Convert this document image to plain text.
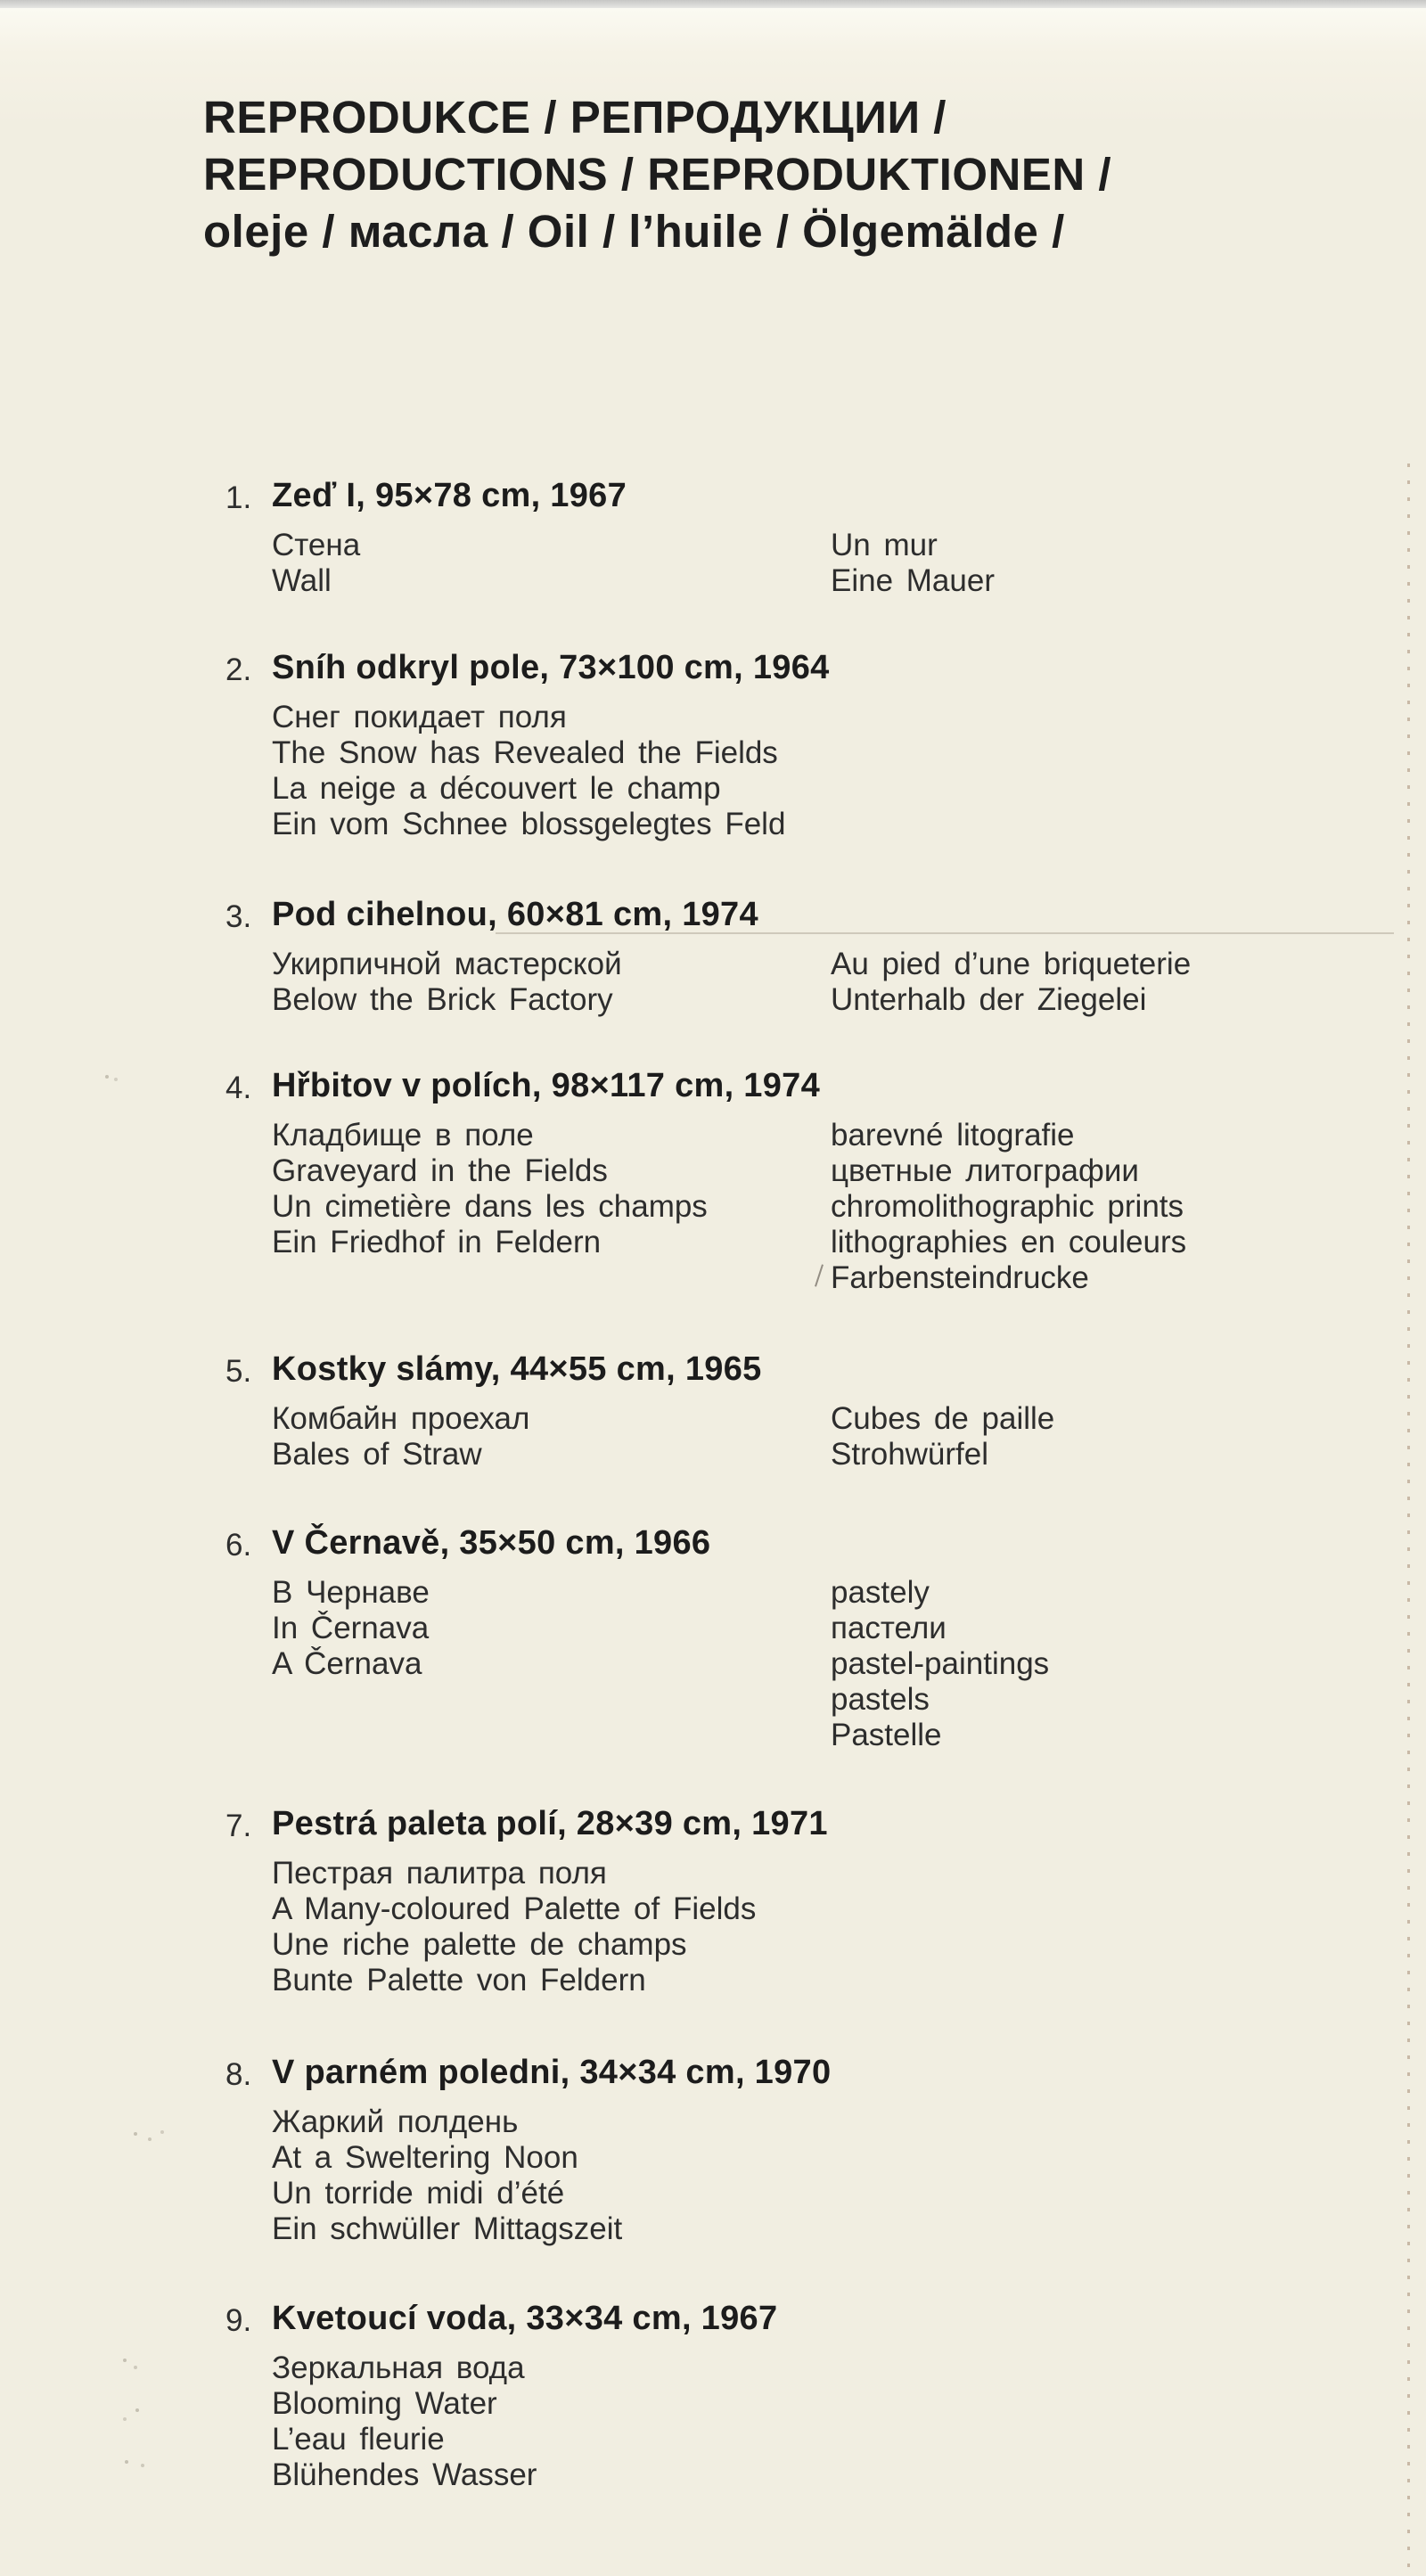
REPRODUKCE / РЕПРОДУКЦИИ /
REPRODUCTIONS / REPRODUKTIONEN /
oleje / масла / Oil / l’huile / Ölgemälde /
1. Zeď I, 95×78 cm, 1967
Стена
Wall
Un mur
Eine Mauer
2. Sníh odkryl pole, 73×100 cm, 1964
Снег покидает поля
The Snow has Revealed the Fields
La neige a découvert le champ
Ein vom Schnee blossgelegtes Feld
3. Pod cihelnou, 60×81 cm, 1974
Укирпичной мастерской
Below the Brick Factory
Au pied d’une briqueterie
Unterhalb der Ziegelei
4. Hřbitov v polích, 98×117 cm, 1974
Кладбище в поле
Graveyard in the Fields
Un cimetière dans les champs
Ein Friedhof in Feldern
barevné litografie
цветные литографии
chromolithographic prints
lithographies en couleurs
Farbensteindrucke
5. Kostky slámy, 44×55 cm, 1965
Комбайн проехал
Bales of Straw
Cubes de paille
Strohwürfel
6. V Černavě, 35×50 cm, 1966
В Чернаве
In Černava
A Černava
pastely
пастели
pastel-paintings
pastels
Pastelle
7. Pestrá paleta polí, 28×39 cm, 1971
Пестрая палитра поля
A Many-coloured Palette of Fields
Une riche palette de champs
Bunte Palette von Feldern
8. V parném poledni, 34×34 cm, 1970
Жаркий полдень
At a Sweltering Noon
Un torride midi d’été
Ein schwüller Mittagszeit
9. Kvetoucí voda, 33×34 cm, 1967
Зеркальная вода
Blooming Water
L’eau fleurie
Blühendes Wasser
